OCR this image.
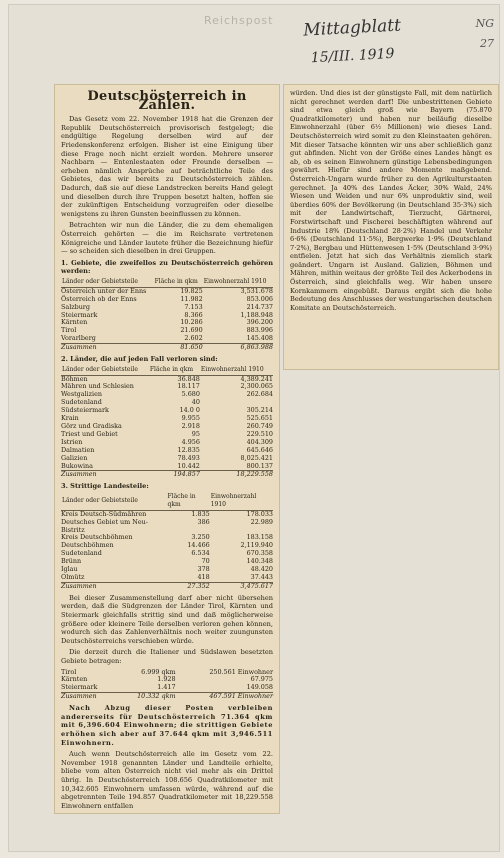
Reichspost Mittagblatt
15/III. 1919
NG
27
Deutschösterreich in Zahlen.

Das Gesetz vom 22. November 1918 hat die Grenzen der Republik Deutschösterreich provisorisch festgelegt; die endgültige Regelung derselben wird auf der Friedenskonferenz erfolgen. Bisher ist eine Einigung über diese Frage noch nicht erzielt worden. Mehrere unserer Nachbarn — Entenlestaaten oder Freunde derselben — erheben nämlich Ansprüche auf beträchtliche Teile des Gebietes, das wir bereits zu Deutschösterreich zählen. Dadurch, daß sie auf diese Landstrecken bereits Hand gelegt und dieselben durch ihre Truppen besetzt halten, hoffen sie der zukünftigen Entscheidung vorzugreifen oder dieselbe wenigstens zu ihren Gunsten beeinflussen zu können.

Betrachten wir nun die Länder, die zu dem ehemaligen Österreich gehörten — die im Reichsrate vertretenen Königreiche und Länder lautete früher die Bezeichnung hiefür — so scheiden sich dieselben in drei Gruppen.

1. Gebiete, die zweifellos zu Deutschösterreich gehören werden:

Länder oder Gebietsteile	Fläche in qkm	Einwohnerzahl 1910
Österreich unter der Enns	19.825	3,531.678
Österreich ob der Enns	11.982	853.006
Salzburg	7.153	214.737
Steiermark	8.366	1,188.948
Kärnten	10.286	396.200
Tirol	21.690	883.996
Vorarlberg	2.602	145.408
Zusammen	81.650	6,863.988

2. Länder, die auf jeden Fall verloren sind:

Länder oder Gebietsteile	Fläche in qkm	Einwohnerzahl 1910
Böhmen	36.848	4,389.241
Mähren und Schlesien	18.117	2,300.065
Westgalizien	5.680	262.684
Sudetenland	40	
Südsteiermark	14.0 0	305.214
Krain	9.955	525.651
Görz und Gradiska	2.918	260.749
Triest und Gebiet	95	229.510
Istrien	4.956	404.309
Dalmatien	12.835	645.646
Galizien	78.493	8,025.421
Bukowina	10.442	800.137
Zusammen	194.857	18,229.558

3. Strittige Landesteile:

Länder oder Gebietsteile	Fläche in qkm	Einwohnerzahl 1910
Kreis Deutsch-Südmähren	1.835	178.033
Deutsches Gebiet um Neu-Bistritz	386	22.989
Kreis Deutschböhmen	3.250	183.158
Deutschböhmen	14.466	2,119.940
Sudetenland	6.534	670.358
Brünn	70	140.348
Iglau	378	48.420
Olmütz	418	37.443
Zusammen	27.352	3,475.617

Bei dieser Zusammenstellung darf aber nicht übersehen werden, daß die Südgrenzen der Länder Tirol, Kärnten und Steiermark gleichfalls strittig sind und daß möglicherweise größere oder kleinere Teile derselben verloren gehen können, wodurch sich das Zahlenverhältnis noch weiter zuungunsten Deutschösterreichs verschieben würde.

Die derzeit durch die Italiener und Südslawen besetzten Gebiete betragen:

Tirol	6.999 qkm	250.561 Einwohner
Kärnten	1.928	67.975
Steiermark	1.417	149.058
Zusammen	10.332 qkm	467.591 Einwohner

Nach Abzug dieser Posten verbleiben andererseits für Deutschösterreich 71.364 qkm mit 6,396.604 Einwohnern; die strittigen Gebiete erhöhen sich aber auf 37.644 qkm mit 3,946.511 Einwohnern.

Auch wenn Deutschösterreich alle im Gesetz vom 22. November 1918 genannten Länder und Landteile erhielte, bliebe vom alten Österreich nicht viel mehr als ein Drittel übrig. In Deutschösterreich 108.656 Quadratkilometer mit 10,342.605 Einwohnern umfassen würde, während auf die abgetrennten Teile 194.857 Quadratkilometer mit 18,229.558 Einwohnern entfallen

würden. Und dies ist der günstigste Fall, mit dem natürlich nicht gerechnet werden darf! Die unbestrittenen Gebiete sind etwa gleich groß wie Bayern (75.870 Quadratkilometer) und haben nur beiläufig dieselbe Einwohnerzahl (über 6½ Millionen) wie dieses Land. Deutschösterreich wird somit zu den Kleinstaaten gehören. Mit dieser Tatsache könnten wir uns aber schließlich ganz gut abfinden. Nicht von der Größe eines Landes hängt es ab, ob es seinen Einwohnern günstige Lebensbedingungen gewährt. Hiefür sind andere Momente maßgebend. Österreich-Ungarn wurde früher zu den Agrikulturstaaten gerechnet. Ja 40% des Landes Äcker, 30% Wald, 24% Wiesen und Weiden und nur 6% unproduktiv sind, weil überdies 60% der Bevölkerung (in Deutschland 35·3%) sich mit der Landwirtschaft, Tierzucht, Gärtnerei, Forstwirtschaft und Fischerei beschäftigten während auf Industrie 18% (Deutschland 28·2%) Handel und Verkehr 6·6% (Deutschland 11·5%), Bergwerke 1·9% (Deutschland 7·2%), Bergbau und Hüttenwesen 1·5% (Deutschland 3·9%) entfielen. Jetzt hat sich das Verhältnis ziemlich stark geändert. Ungarn ist Ausland. Galizien, Böhmen und Mähren, mithin weitaus der größte Teil des Ackerbodens in Österreich, sind gleichfalls weg. Wir haben unsere Kornkammern eingebüßt. Daraus ergibt sich die hohe Bedeutung des Anschlusses der westungarischen deutschen Komitate an Deutschösterreich.
